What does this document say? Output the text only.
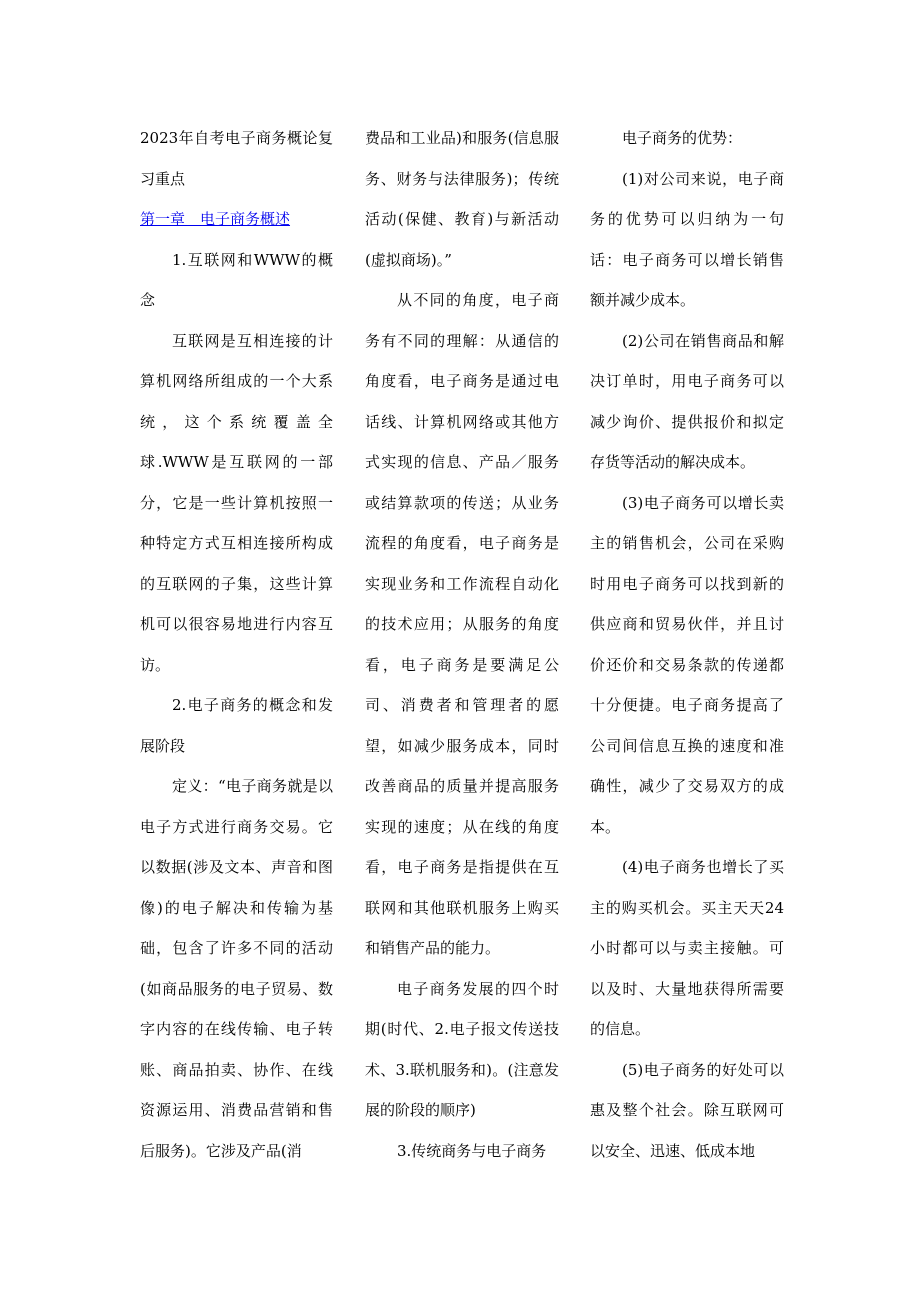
2023年自考电子商务概论复习重点

第一章　电子商务概述

1.互联网和WWW的概念

互联网是互相连接的计算机网络所组成的一个大系统，这个系统覆盖全球.WWW是互联网的一部分，它是一些计算机按照一种特定方式互相连接所构成的互联网的子集，这些计算机可以很容易地进行内容互访。

2.电子商务的概念和发展阶段

定义：“电子商务就是以电子方式进行商务交易。它以数据(涉及文本、声音和图像)的电子解决和传输为基础，包含了许多不同的活动(如商品服务的电子贸易、数字内容的在线传输、电子转账、商品拍卖、协作、在线资源运用、消费品营销和售后服务)。它涉及产品(消

费品和工业品)和服务(信息服务、财务与法律服务)；传统活动(保健、教育)与新活动(虚拟商场)。”

从不同的角度，电子商务有不同的理解：从通信的角度看，电子商务是通过电话线、计算机网络或其他方式实现的信息、产品／服务或结算款项的传送；从业务流程的角度看，电子商务是实现业务和工作流程自动化的技术应用；从服务的角度看，电子商务是要满足公司、消费者和管理者的愿望，如减少服务成本，同时改善商品的质量并提高服务实现的速度；从在线的角度看，电子商务是指提供在互联网和其他联机服务上购买和销售产品的能力。

电子商务发展的四个时期(时代、2.电子报文传送技术、3.联机服务和)。(注意发展的阶段的顺序)

3.传统商务与电子商务

电子商务的优势：

(1)对公司来说，电子商务的优势可以归纳为一句话：电子商务可以增长销售额并减少成本。

(2)公司在销售商品和解决订单时，用电子商务可以减少询价、提供报价和拟定存货等活动的解决成本。

(3)电子商务可以增长卖主的销售机会，公司在采购时用电子商务可以找到新的供应商和贸易伙伴，并且讨价还价和交易条款的传递都十分便捷。电子商务提高了公司间信息互换的速度和准确性，减少了交易双方的成本。

(4)电子商务也增长了买主的购买机会。买主天天24小时都可以与卖主接触。可以及时、大量地获得所需要的信息。

(5)电子商务的好处可以惠及整个社会。除互联网可以安全、迅速、低成本地
